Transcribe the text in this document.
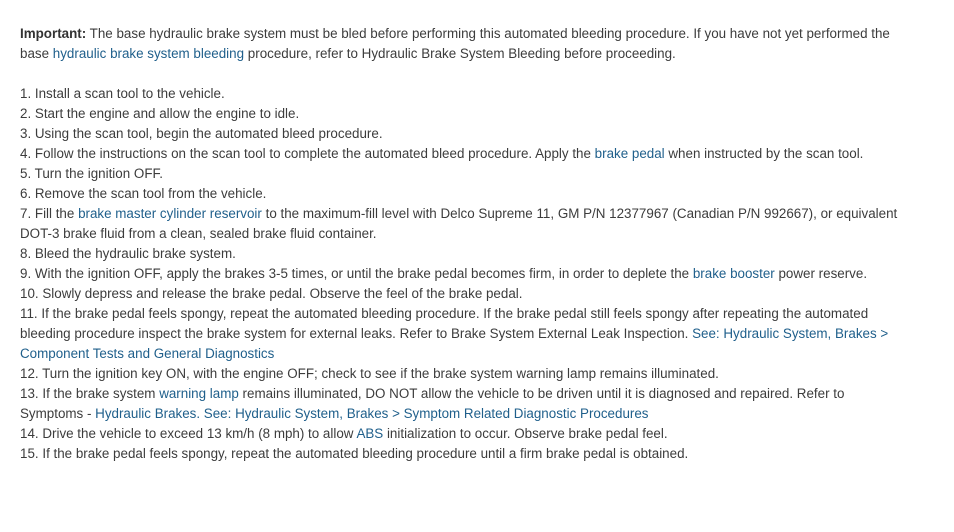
Important: The base hydraulic brake system must be bled before performing this automated bleeding procedure. If you have not yet performed the base hydraulic brake system bleeding procedure, refer to Hydraulic Brake System Bleeding before proceeding.

1. Install a scan tool to the vehicle.
2. Start the engine and allow the engine to idle.
3. Using the scan tool, begin the automated bleed procedure.
4. Follow the instructions on the scan tool to complete the automated bleed procedure. Apply the brake pedal when instructed by the scan tool.
5. Turn the ignition OFF.
6. Remove the scan tool from the vehicle.
7. Fill the brake master cylinder reservoir to the maximum-fill level with Delco Supreme 11, GM P/N 12377967 (Canadian P/N 992667), or equivalent DOT-3 brake fluid from a clean, sealed brake fluid container.
8. Bleed the hydraulic brake system.
9. With the ignition OFF, apply the brakes 3-5 times, or until the brake pedal becomes firm, in order to deplete the brake booster power reserve.
10. Slowly depress and release the brake pedal. Observe the feel of the brake pedal.
11. If the brake pedal feels spongy, repeat the automated bleeding procedure. If the brake pedal still feels spongy after repeating the automated bleeding procedure inspect the brake system for external leaks. Refer to Brake System External Leak Inspection. See: Hydraulic System, Brakes > Component Tests and General Diagnostics
12. Turn the ignition key ON, with the engine OFF; check to see if the brake system warning lamp remains illuminated.
13. If the brake system warning lamp remains illuminated, DO NOT allow the vehicle to be driven until it is diagnosed and repaired. Refer to Symptoms - Hydraulic Brakes. See: Hydraulic System, Brakes > Symptom Related Diagnostic Procedures
14. Drive the vehicle to exceed 13 km/h (8 mph) to allow ABS initialization to occur. Observe brake pedal feel.
15. If the brake pedal feels spongy, repeat the automated bleeding procedure until a firm brake pedal is obtained.
